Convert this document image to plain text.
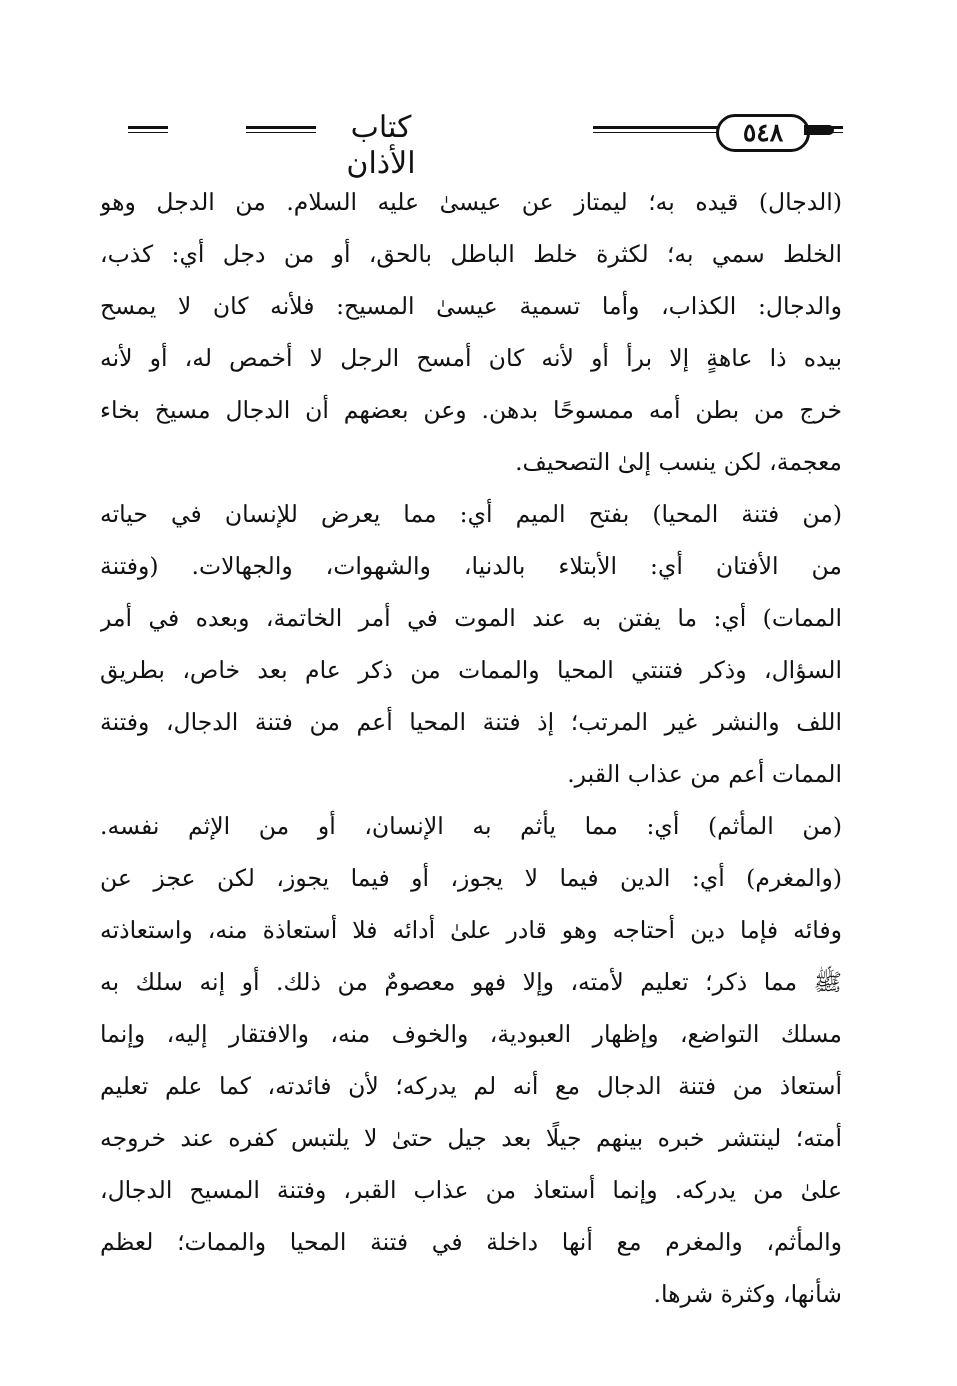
كتاب الأذان
٥٤٨
(الدجال) قيده به؛ ليمتاز عن عيسىٰ عليه السلام. من الدجل وهو
الخلط سمي به؛ لكثرة خلط الباطل بالحق، أو من دجل أي: كذب،
والدجال: الكذاب، وأما تسمية عيسىٰ المسيح: فلأنه كان لا يمسح
بيده ذا عاهةٍ إلا برأ أو لأنه كان أمسح الرجل لا أخمص له، أو لأنه
خرج من بطن أمه ممسوحًا بدهن. وعن بعضهم أن الدجال مسيخ بخاء
معجمة، لكن ينسب إلىٰ التصحيف.
(من فتنة المحيا) بفتح الميم أي: مما يعرض للإنسان في حياته
من الأفتان أي: الأبتلاء بالدنيا، والشهوات، والجهالات. (وفتنة
الممات) أي: ما يفتن به عند الموت في أمر الخاتمة، وبعده في أمر
السؤال، وذكر فتنتي المحيا والممات من ذكر عام بعد خاص، بطريق
اللف والنشر غير المرتب؛ إذ فتنة المحيا أعم من فتنة الدجال، وفتنة
الممات أعم من عذاب القبر.
(من المأثم) أي: مما يأثم به الإنسان، أو من الإثم نفسه.
(والمغرم) أي: الدين فيما لا يجوز، أو فيما يجوز، لكن عجز عن
وفائه فإما دين أحتاجه وهو قادر علىٰ أدائه فلا أستعاذة منه، واستعاذته
ﷺ مما ذكر؛ تعليم لأمته، وإلا فهو معصومٌ من ذلك. أو إنه سلك به
مسلك التواضع، وإظهار العبودية، والخوف منه، والافتقار إليه، وإنما
أستعاذ من فتنة الدجال مع أنه لم يدركه؛ لأن فائدته، كما علم تعليم
أمته؛ لينتشر خبره بينهم جيلًا بعد جيل حتىٰ لا يلتبس كفره عند خروجه
علىٰ من يدركه. وإنما أستعاذ من عذاب القبر، وفتنة المسيح الدجال،
والمأثم، والمغرم مع أنها داخلة في فتنة المحيا والممات؛ لعظم
شأنها، وكثرة شرها.
